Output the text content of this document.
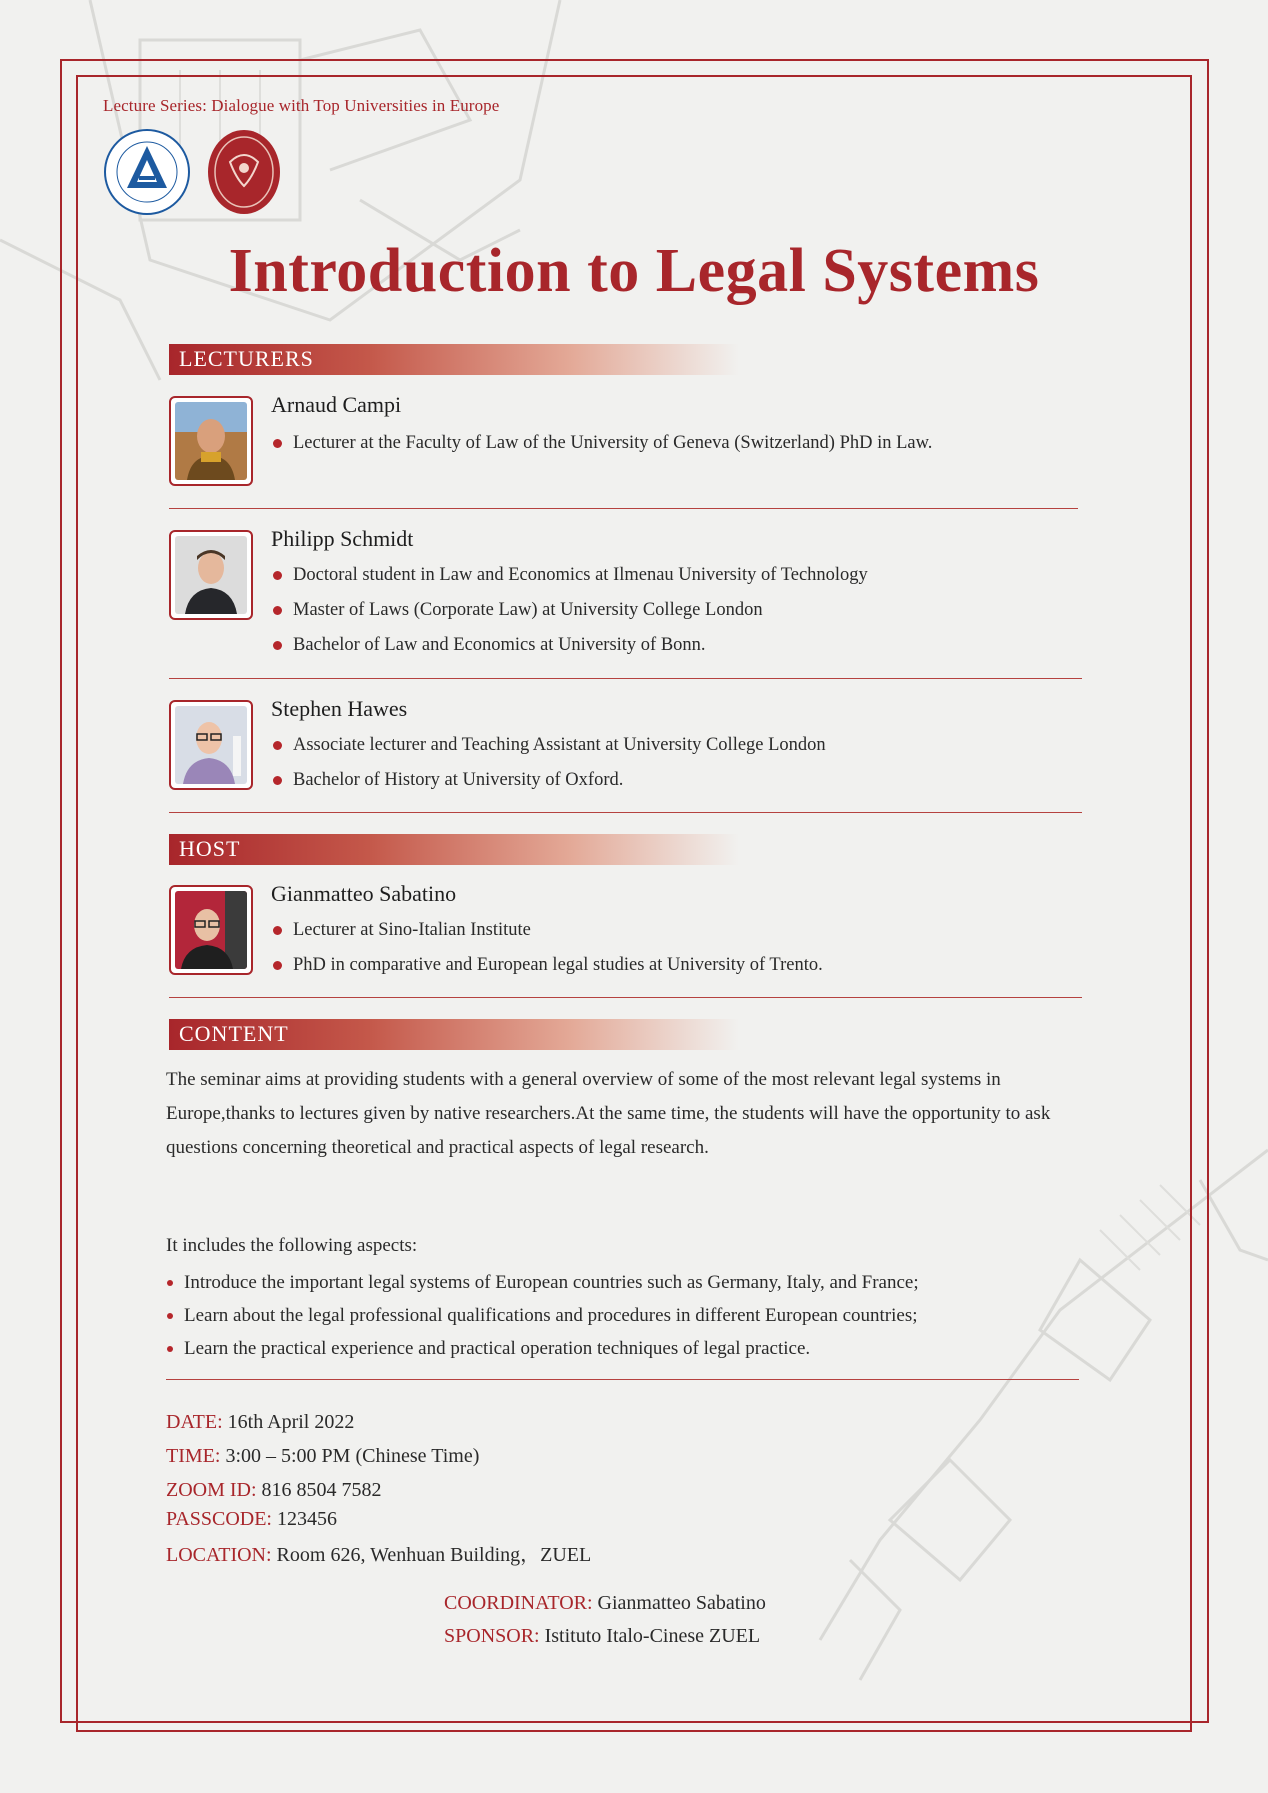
Lecture Series: Dialogue with Top Universities in Europe
Introduction to Legal Systems
LECTURERS
Arnaud Campi
Lecturer at the Faculty of Law of the University of Geneva (Switzerland) PhD in Law.
Philipp Schmidt
Doctoral student in Law and Economics at Ilmenau University of Technology
Master of Laws (Corporate Law) at University College London
Bachelor of Law and Economics at University of Bonn.
Stephen Hawes
Associate lecturer and Teaching Assistant at University College London
Bachelor of History at University of Oxford.
HOST
Gianmatteo Sabatino
Lecturer at Sino-Italian Institute
PhD in comparative and European legal studies at University of Trento.
CONTENT

The seminar aims at providing students with a general overview of some of the most relevant legal systems in Europe,thanks to lectures given by native researchers.At the same time, the students will have the opportunity to ask questions concerning theoretical and practical aspects of legal research.

It includes the following aspects:
Introduce the important legal systems of European countries such as Germany, Italy, and France;
Learn about the legal professional qualifications and procedures in different European countries;
Learn the practical experience and practical operation techniques of legal practice.
DATE: 16th April 2022
TIME: 3:00 – 5:00 PM (Chinese Time)
ZOOM ID: 816 8504 7582
PASSCODE: 123456
LOCATION: Room 626, Wenhuan Building，ZUEL
COORDINATOR: Gianmatteo Sabatino
SPONSOR: Istituto Italo-Cinese ZUEL
